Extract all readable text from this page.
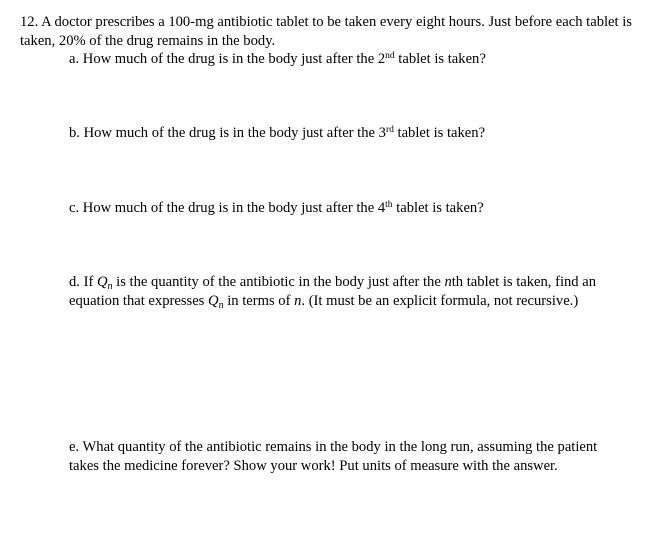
12. A doctor prescribes a 100-mg antibiotic tablet to be taken every eight hours. Just before each tablet is taken, 20% of the drug remains in the body.
a. How much of the drug is in the body just after the 2nd tablet is taken?
b. How much of the drug is in the body just after the 3rd tablet is taken?
c. How much of the drug is in the body just after the 4th tablet is taken?
d. If $Q_n$ is the quantity of the antibiotic in the body just after the nth tablet is taken, find an equation that expresses $Q_n$ in terms of n. (It must be an explicit formula, not recursive.)
e. What quantity of the antibiotic remains in the body in the long run, assuming the patient takes the medicine forever? Show your work! Put units of measure with the answer.
